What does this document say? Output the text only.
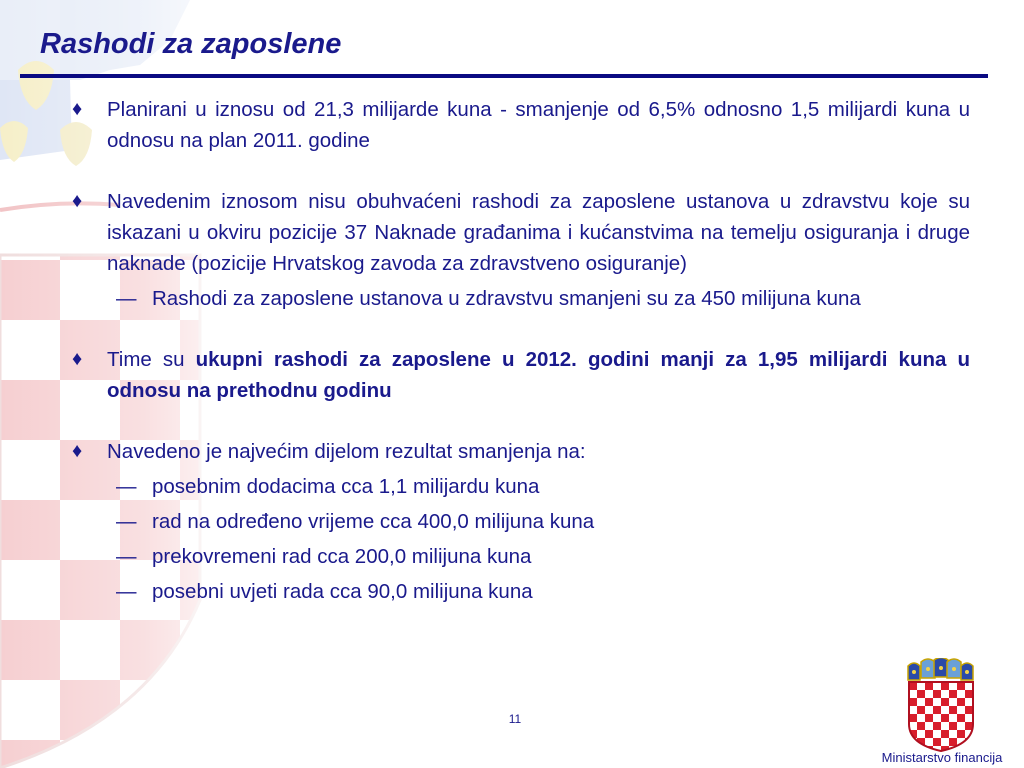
Rashodi za zaposlene
♦	Planirani u iznosu od 21,3 milijarde kuna - smanjenje od 6,5% odnosno 1,5 milijardi kuna u odnosu na plan 2011. godine
♦	Navedenim iznosom nisu obuhvaćeni rashodi za zaposlene ustanova u zdravstvu koje su iskazani u okviru pozicije 37 Naknade građanima i kućanstvima na temelju osiguranja i druge naknade (pozicije Hrvatskog zavoda za zdravstveno osiguranje)
― Rashodi za zaposlene ustanova u zdravstvu smanjeni su za 450 milijuna kuna
♦	Time su ukupni rashodi za zaposlene u 2012. godini manji za 1,95 milijardi kuna u odnosu na prethodnu godinu
♦	Navedeno je najvećim dijelom rezultat smanjenja na:
― posebnim dodacima cca 1,1 milijardu kuna
― rad na određeno vrijeme cca 400,0 milijuna kuna
― prekovremeni rad cca 200,0 milijuna kuna
― posebni uvjeti rada cca 90,0 milijuna kuna
11
Ministarstvo financija
